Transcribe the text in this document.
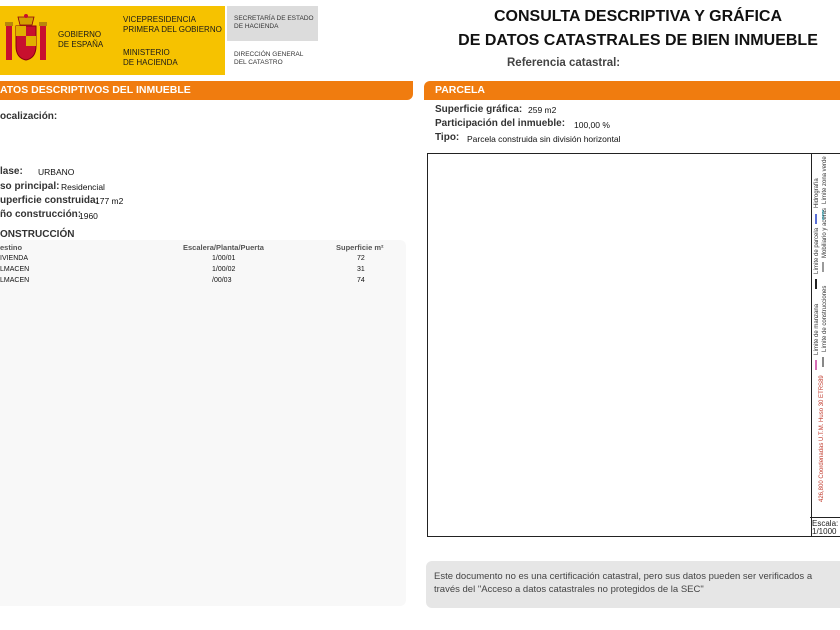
GOBIERNO
DE ESPAÑA
VICEPRESIDENCIA
PRIMERA DEL GOBIERNO
MINISTERIO
DE HACIENDA
SECRETARÍA DE ESTADO
DE HACIENDA
DIRECCIÓN GENERAL
DEL CATASTRO
CONSULTA DESCRIPTIVA Y GRÁFICA
DE DATOS CATASTRALES DE BIEN INMUEBLE
Referencia catastral:
ATOS DESCRIPTIVOS DEL INMUEBLE
ocalización:
lase: URBANO
so principal: Residencial
uperficie construida:
177 m2
ño construcción:
1960
ONSTRUCCIÓN
estino	Escalera/Planta/Puerta	Superficie m²
IVIENDA	1/00/01	72
LMACEN	1/00/02	31
LMACEN	/00/03	74
PARCELA
Superficie gráfica: 259 m2
Participación del inmueble: 100,00 %
Tipo: Parcela construida sin división horizontal
Límite zona verde
Hidrografía
Mobiliario y aceras
Límite de parcela
Límite de construcciones
Límite de manzana
426,800 Coordenadas U.T.M. Huso 30 ETRS89
Escala:
1/1000
Este documento no es una certificación catastral, pero sus datos pueden ser verificados a través del "Acceso a datos catastrales no protegidos de la SEC"
